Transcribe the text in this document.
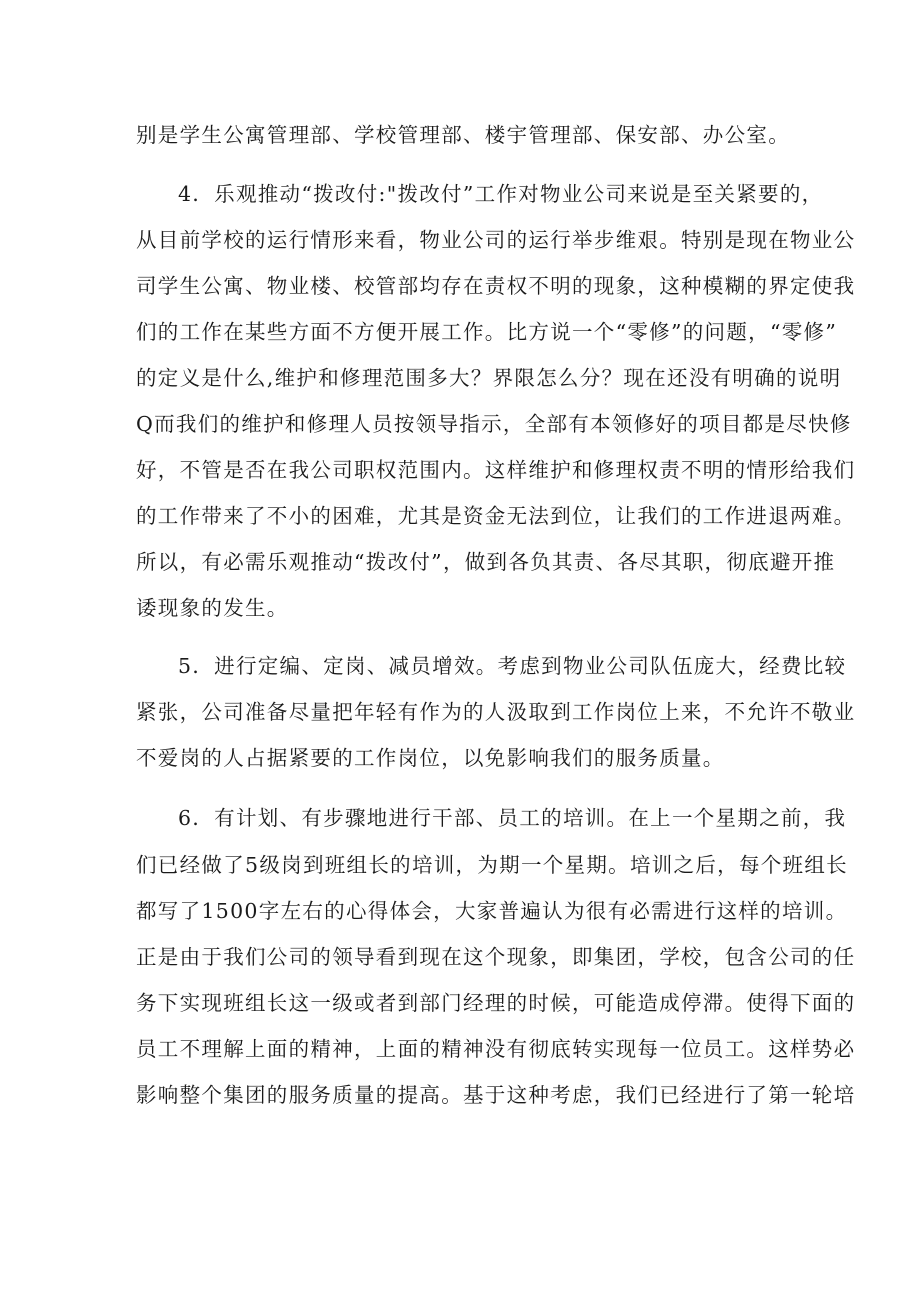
别是学生公寓管理部、学校管理部、楼宇管理部、保安部、办公室。

4．乐观推动“拨改付:"拨改付”工作对物业公司来说是至关紧要的，

从目前学校的运行情形来看，物业公司的运行举步维艰。特别是现在物业公

司学生公寓、物业楼、校管部均存在责权不明的现象，这种模糊的界定使我

们的工作在某些方面不方便开展工作。比方说一个“零修”的问题，“零修”

的定义是什么,维护和修理范围多大？界限怎么分？现在还没有明确的说明

Q而我们的维护和修理人员按领导指示，全部有本领修好的项目都是尽快修

好，不管是否在我公司职权范围内。这样维护和修理权责不明的情形给我们

的工作带来了不小的困难，尤其是资金无法到位，让我们的工作进退两难。

所以，有必需乐观推动“拨改付”，做到各负其责、各尽其职，彻底避开推

诿现象的发生。

5．进行定编、定岗、减员增效。考虑到物业公司队伍庞大，经费比较

紧张，公司准备尽量把年轻有作为的人汲取到工作岗位上来，不允许不敬业

不爱岗的人占据紧要的工作岗位，以免影响我们的服务质量。

6．有计划、有步骤地进行干部、员工的培训。在上一个星期之前，我

们已经做了5级岗到班组长的培训，为期一个星期。培训之后，每个班组长

都写了1500字左右的心得体会，大家普遍认为很有必需进行这样的培训。

正是由于我们公司的领导看到现在这个现象，即集团，学校，包含公司的任

务下实现班组长这一级或者到部门经理的时候，可能造成停滞。使得下面的

员工不理解上面的精神，上面的精神没有彻底转实现每一位员工。这样势必

影响整个集团的服务质量的提高。基于这种考虑，我们已经进行了第一轮培
